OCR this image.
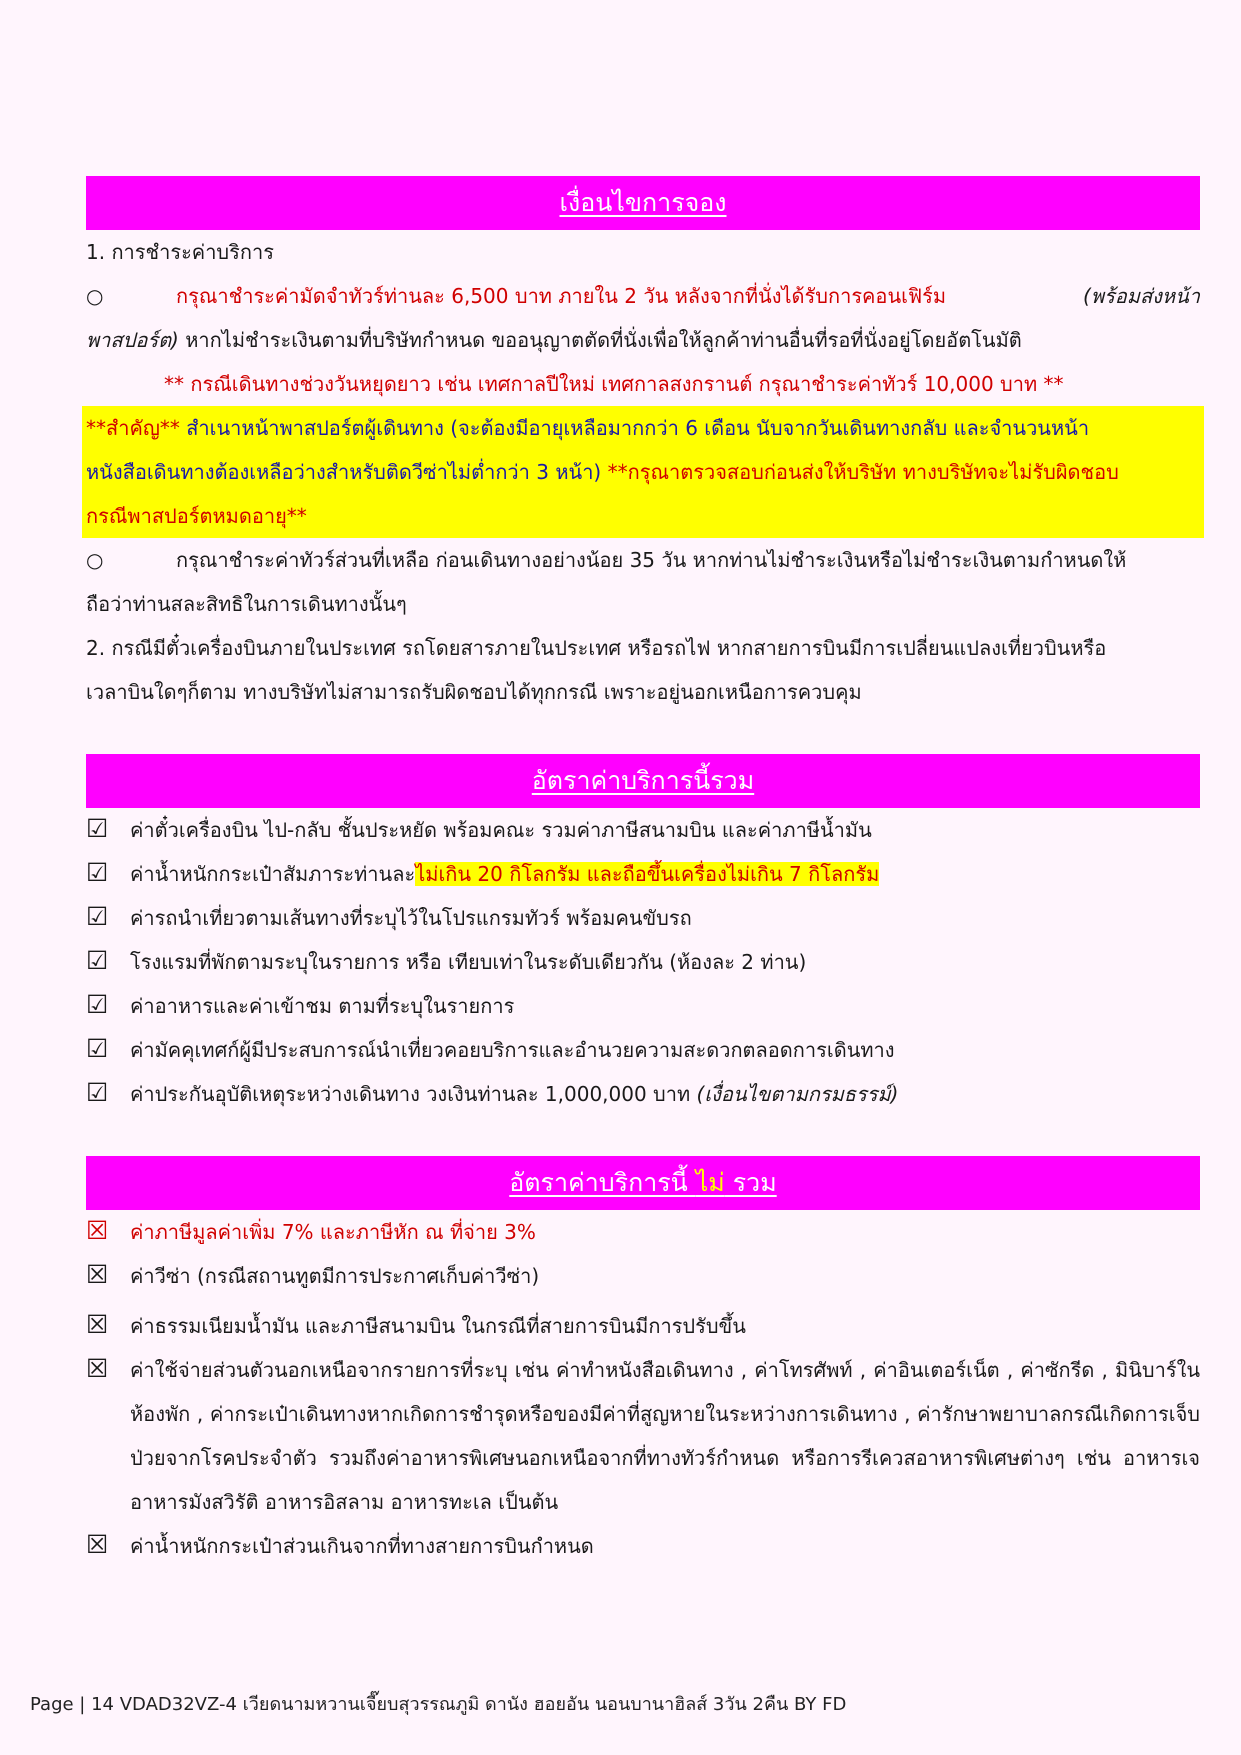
เงื่อนไขการจอง
1. การชำระค่าบริการ
○	กรุณาชำระค่ามัดจำทัวร์ท่านละ 6,500 บาท ภายใน 2 วัน หลังจากที่นั่งได้รับการคอนเฟิร์ม	(พร้อมส่งหน้า
พาสปอร์ต) หากไม่ชำระเงินตามที่บริษัทกำหนด ขออนุญาตตัดที่นั่งเพื่อให้ลูกค้าท่านอื่นที่รอที่นั่งอยู่โดยอัตโนมัติ
** กรณีเดินทางช่วงวันหยุดยาว เช่น เทศกาลปีใหม่ เทศกาลสงกรานต์ กรุณาชำระค่าทัวร์ 10,000 บาท **
**สำคัญ** สำเนาหน้าพาสปอร์ตผู้เดินทาง (จะต้องมีอายุเหลือมากกว่า 6 เดือน นับจากวันเดินทางกลับ และจำนวนหน้า
หนังสือเดินทางต้องเหลือว่างสำหรับติดวีซ่าไม่ต่ำกว่า 3 หน้า) **กรุณาตรวจสอบก่อนส่งให้บริษัท ทางบริษัทจะไม่รับผิดชอบ
กรณีพาสปอร์ตหมดอายุ**
○	กรุณาชำระค่าทัวร์ส่วนที่เหลือ ก่อนเดินทางอย่างน้อย 35 วัน หากท่านไม่ชำระเงินหรือไม่ชำระเงินตามกำหนดให้
ถือว่าท่านสละสิทธิในการเดินทางนั้นๆ
2. กรณีมีตั๋วเครื่องบินภายในประเทศ รถโดยสารภายในประเทศ หรือรถไฟ หากสายการบินมีการเปลี่ยนแปลงเที่ยวบินหรือ
เวลาบินใดๆก็ตาม ทางบริษัทไม่สามารถรับผิดชอบได้ทุกกรณี เพราะอยู่นอกเหนือการควบคุม
อัตราค่าบริการนี้รวม
☑	ค่าตั๋วเครื่องบิน ไป-กลับ ชั้นประหยัด พร้อมคณะ รวมค่าภาษีสนามบิน และค่าภาษีน้ำมัน
☑	ค่าน้ำหนักกระเป๋าสัมภาระท่านละไม่เกิน 20 กิโลกรัม และถือขึ้นเครื่องไม่เกิน 7 กิโลกรัม
☑	ค่ารถนำเที่ยวตามเส้นทางที่ระบุไว้ในโปรแกรมทัวร์ พร้อมคนขับรถ
☑	โรงแรมที่พักตามระบุในรายการ หรือ เทียบเท่าในระดับเดียวกัน (ห้องละ 2 ท่าน)
☑	ค่าอาหารและค่าเข้าชม ตามที่ระบุในรายการ
☑	ค่ามัคคุเทศก์ผู้มีประสบการณ์นำเที่ยวคอยบริการและอำนวยความสะดวกตลอดการเดินทาง
☑	ค่าประกันอุบัติเหตุระหว่างเดินทาง วงเงินท่านละ 1,000,000 บาท (เงื่อนไขตามกรมธรรม์)
อัตราค่าบริการนี้ ไม่ รวม
☒	ค่าภาษีมูลค่าเพิ่ม 7% และภาษีหัก ณ ที่จ่าย 3%
☒	ค่าวีซ่า (กรณีสถานทูตมีการประกาศเก็บค่าวีซ่า)
☒	ค่าธรรมเนียมน้ำมัน และภาษีสนามบิน ในกรณีที่สายการบินมีการปรับขึ้น
☒	ค่าใช้จ่ายส่วนตัวนอกเหนือจากรายการที่ระบุ เช่น ค่าทำหนังสือเดินทาง , ค่าโทรศัพท์ , ค่าอินเตอร์เน็ต , ค่าซักรีด , มินิบาร์ในห้องพัก , ค่ากระเป๋าเดินทางหากเกิดการชำรุดหรือของมีค่าที่สูญหายในระหว่างการเดินทาง , ค่ารักษาพยาบาลกรณีเกิดการเจ็บป่วยจากโรคประจำตัว รวมถึงค่าอาหารพิเศษนอกเหนือจากที่ทางทัวร์กำหนด หรือการรีเควสอาหารพิเศษต่างๆ เช่น อาหารเจ อาหารมังสวิรัติ อาหารอิสลาม อาหารทะเล เป็นต้น
☒	ค่าน้ำหนักกระเป๋าส่วนเกินจากที่ทางสายการบินกำหนด
Page | 14 VDAD32VZ-4 เวียดนามหวานเจี๊ยบสุวรรณภูมิ ดานัง ฮอยอัน นอนบานาฮิลส์ 3วัน 2คืน BY FD
